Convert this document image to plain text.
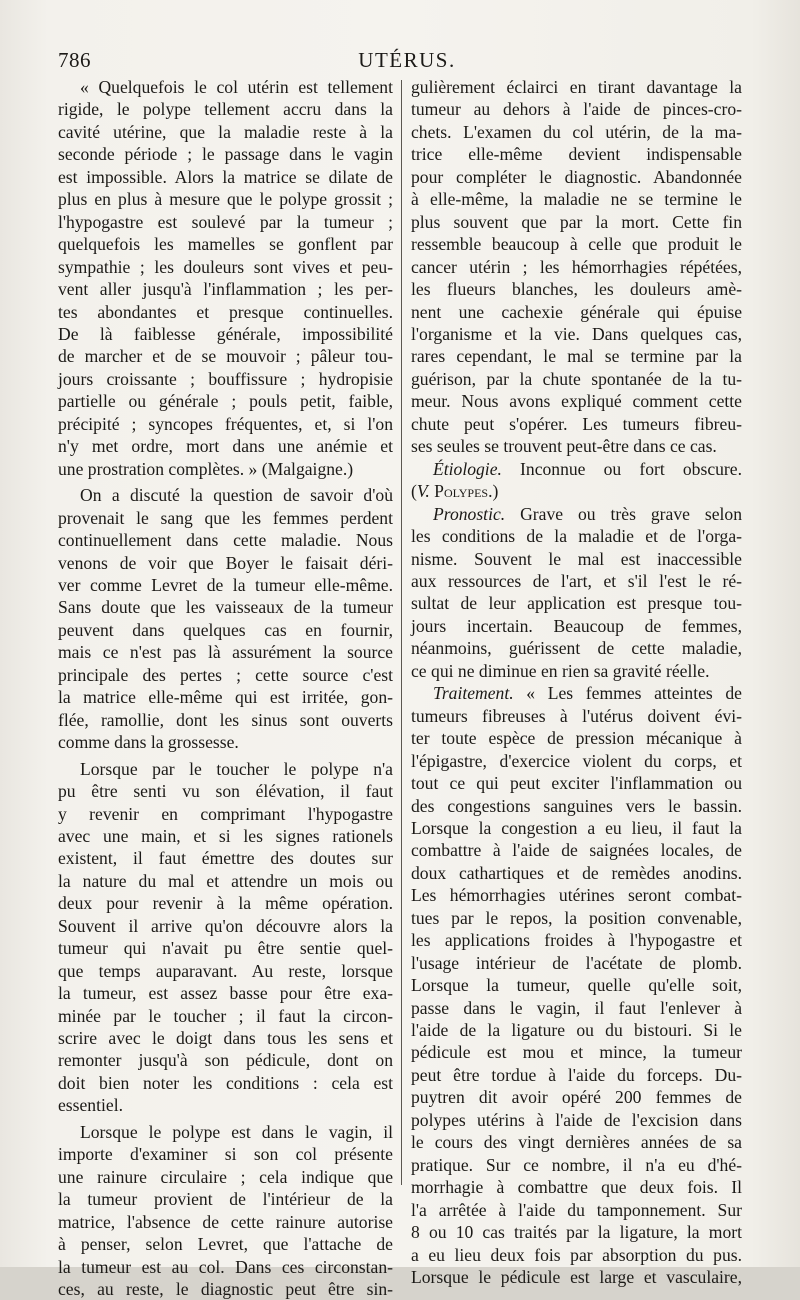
786	UTÉRUS.
« Quelquefois le col utérin est tellement
rigide, le polype tellement accru dans la
cavité utérine, que la maladie reste à la
seconde période ; le passage dans le vagin
est impossible. Alors la matrice se dilate de
plus en plus à mesure que le polype grossit ;
l'hypogastre est soulevé par la tumeur ;
quelquefois les mamelles se gonflent par
sympathie ; les douleurs sont vives et peu-
vent aller jusqu'à l'inflammation ; les per-
tes abondantes et presque continuelles.
De là faiblesse générale, impossibilité
de marcher et de se mouvoir ; pâleur tou-
jours croissante ; bouffissure ; hydropisie
partielle ou générale ; pouls petit, faible,
précipité ; syncopes fréquentes, et, si l'on
n'y met ordre, mort dans une anémie et
une prostration complètes. » (Malgaigne.)
On a discuté la question de savoir d'où
provenait le sang que les femmes perdent
continuellement dans cette maladie. Nous
venons de voir que Boyer le faisait déri-
ver comme Levret de la tumeur elle-même.
Sans doute que les vaisseaux de la tumeur
peuvent dans quelques cas en fournir,
mais ce n'est pas là assurément la source
principale des pertes ; cette source c'est
la matrice elle-même qui est irritée, gon-
flée, ramollie, dont les sinus sont ouverts
comme dans la grossesse.
Lorsque par le toucher le polype n'a
pu être senti vu son élévation, il faut
y revenir en comprimant l'hypogastre
avec une main, et si les signes rationels
existent, il faut émettre des doutes sur
la nature du mal et attendre un mois ou
deux pour revenir à la même opération.
Souvent il arrive qu'on découvre alors la
tumeur qui n'avait pu être sentie quel-
que temps auparavant. Au reste, lorsque
la tumeur, est assez basse pour être exa-
minée par le toucher ; il faut la circon-
scrire avec le doigt dans tous les sens et
remonter jusqu'à son pédicule, dont on
doit bien noter les conditions : cela est
essentiel.
Lorsque le polype est dans le vagin, il
importe d'examiner si son col présente
une rainure circulaire ; cela indique que
la tumeur provient de l'intérieur de la
matrice, l'absence de cette rainure autorise
à penser, selon Levret, que l'attache de
la tumeur est au col. Dans ces circonstan-
ces, au reste, le diagnostic peut être sin-
gulièrement éclairci en tirant davantage la
tumeur au dehors à l'aide de pinces-cro-
chets. L'examen du col utérin, de la ma-
trice elle-même devient indispensable
pour compléter le diagnostic. Abandonnée
à elle-même, la maladie ne se termine le
plus souvent que par la mort. Cette fin
ressemble beaucoup à celle que produit le
cancer utérin ; les hémorrhagies répétées,
les flueurs blanches, les douleurs amè-
nent une cachexie générale qui épuise
l'organisme et la vie. Dans quelques cas,
rares cependant, le mal se termine par la
guérison, par la chute spontanée de la tu-
meur. Nous avons expliqué comment cette
chute peut s'opérer. Les tumeurs fibreu-
ses seules se trouvent peut-être dans ce cas.
Étiologie. Inconnue ou fort obscure.
(V. Polypes.)
Pronostic. Grave ou très grave selon
les conditions de la maladie et de l'orga-
nisme. Souvent le mal est inaccessible
aux ressources de l'art, et s'il l'est le ré-
sultat de leur application est presque tou-
jours incertain. Beaucoup de femmes,
néanmoins, guérissent de cette maladie,
ce qui ne diminue en rien sa gravité réelle.
Traitement. « Les femmes atteintes de
tumeurs fibreuses à l'utérus doivent évi-
ter toute espèce de pression mécanique à
l'épigastre, d'exercice violent du corps, et
tout ce qui peut exciter l'inflammation ou
des congestions sanguines vers le bassin.
Lorsque la congestion a eu lieu, il faut la
combattre à l'aide de saignées locales, de
doux cathartiques et de remèdes anodins.
Les hémorrhagies utérines seront combat-
tues par le repos, la position convenable,
les applications froides à l'hypogastre et
l'usage intérieur de l'acétate de plomb.
Lorsque la tumeur, quelle qu'elle soit,
passe dans le vagin, il faut l'enlever à
l'aide de la ligature ou du bistouri. Si le
pédicule est mou et mince, la tumeur
peut être tordue à l'aide du forceps. Du-
puytren dit avoir opéré 200 femmes de
polypes utérins à l'aide de l'excision dans
le cours des vingt dernières années de sa
pratique. Sur ce nombre, il n'a eu d'hé-
morrhagie à combattre que deux fois. Il
l'a arrêtée à l'aide du tamponnement. Sur
8 ou 10 cas traités par la ligature, la mort
a eu lieu deux fois par absorption du pus.
Lorsque le pédicule est large et vasculaire,
